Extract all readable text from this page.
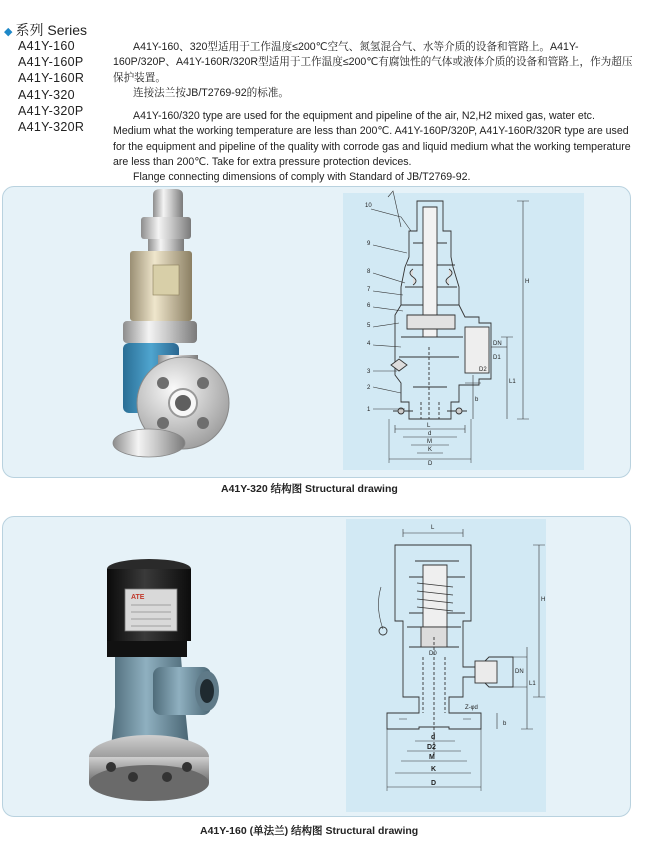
◆ 系列 Series
A41Y-160
A41Y-160P
A41Y-160R
A41Y-320
A41Y-320P
A41Y-320R

A41Y-160、320型适用于工作温度≤200℃空气、氮氢混合气、水等介质的设备和管路上。A41Y-160P/320P、A41Y-160R/320R型适用于工作温度≤200℃有腐蚀性的气体或液体介质的设备和管路上，作为超压保护装置。

连接法兰按JB/T2769-92的标准。

A41Y-160/320 type are used for the equipment and pipeline of the air, N2,H2 mixed gas, water etc. Medium what the working temperature are less than 200℃. A41Y-160P/320P, A41Y-160R/320R type are used for the equipment and pipeline of the quality with corrode gas and liquid medium what the working temperature are less than 200℃. Take for extra pressure protection devices.

Flange connecting dimensions of comply with Standard of JB/T2769-92.

10
9
8
7
6
5
4
3
2
1
H
L1
L
DN
D1
D2
b
d
M
K
D
A41Y-320 结构图 Structural drawing
ATE
L
H
L1
DN
D0
Z-φd
b
d
D2
M
K
D
A41Y-160 (单法兰) 结构图 Structural drawing
